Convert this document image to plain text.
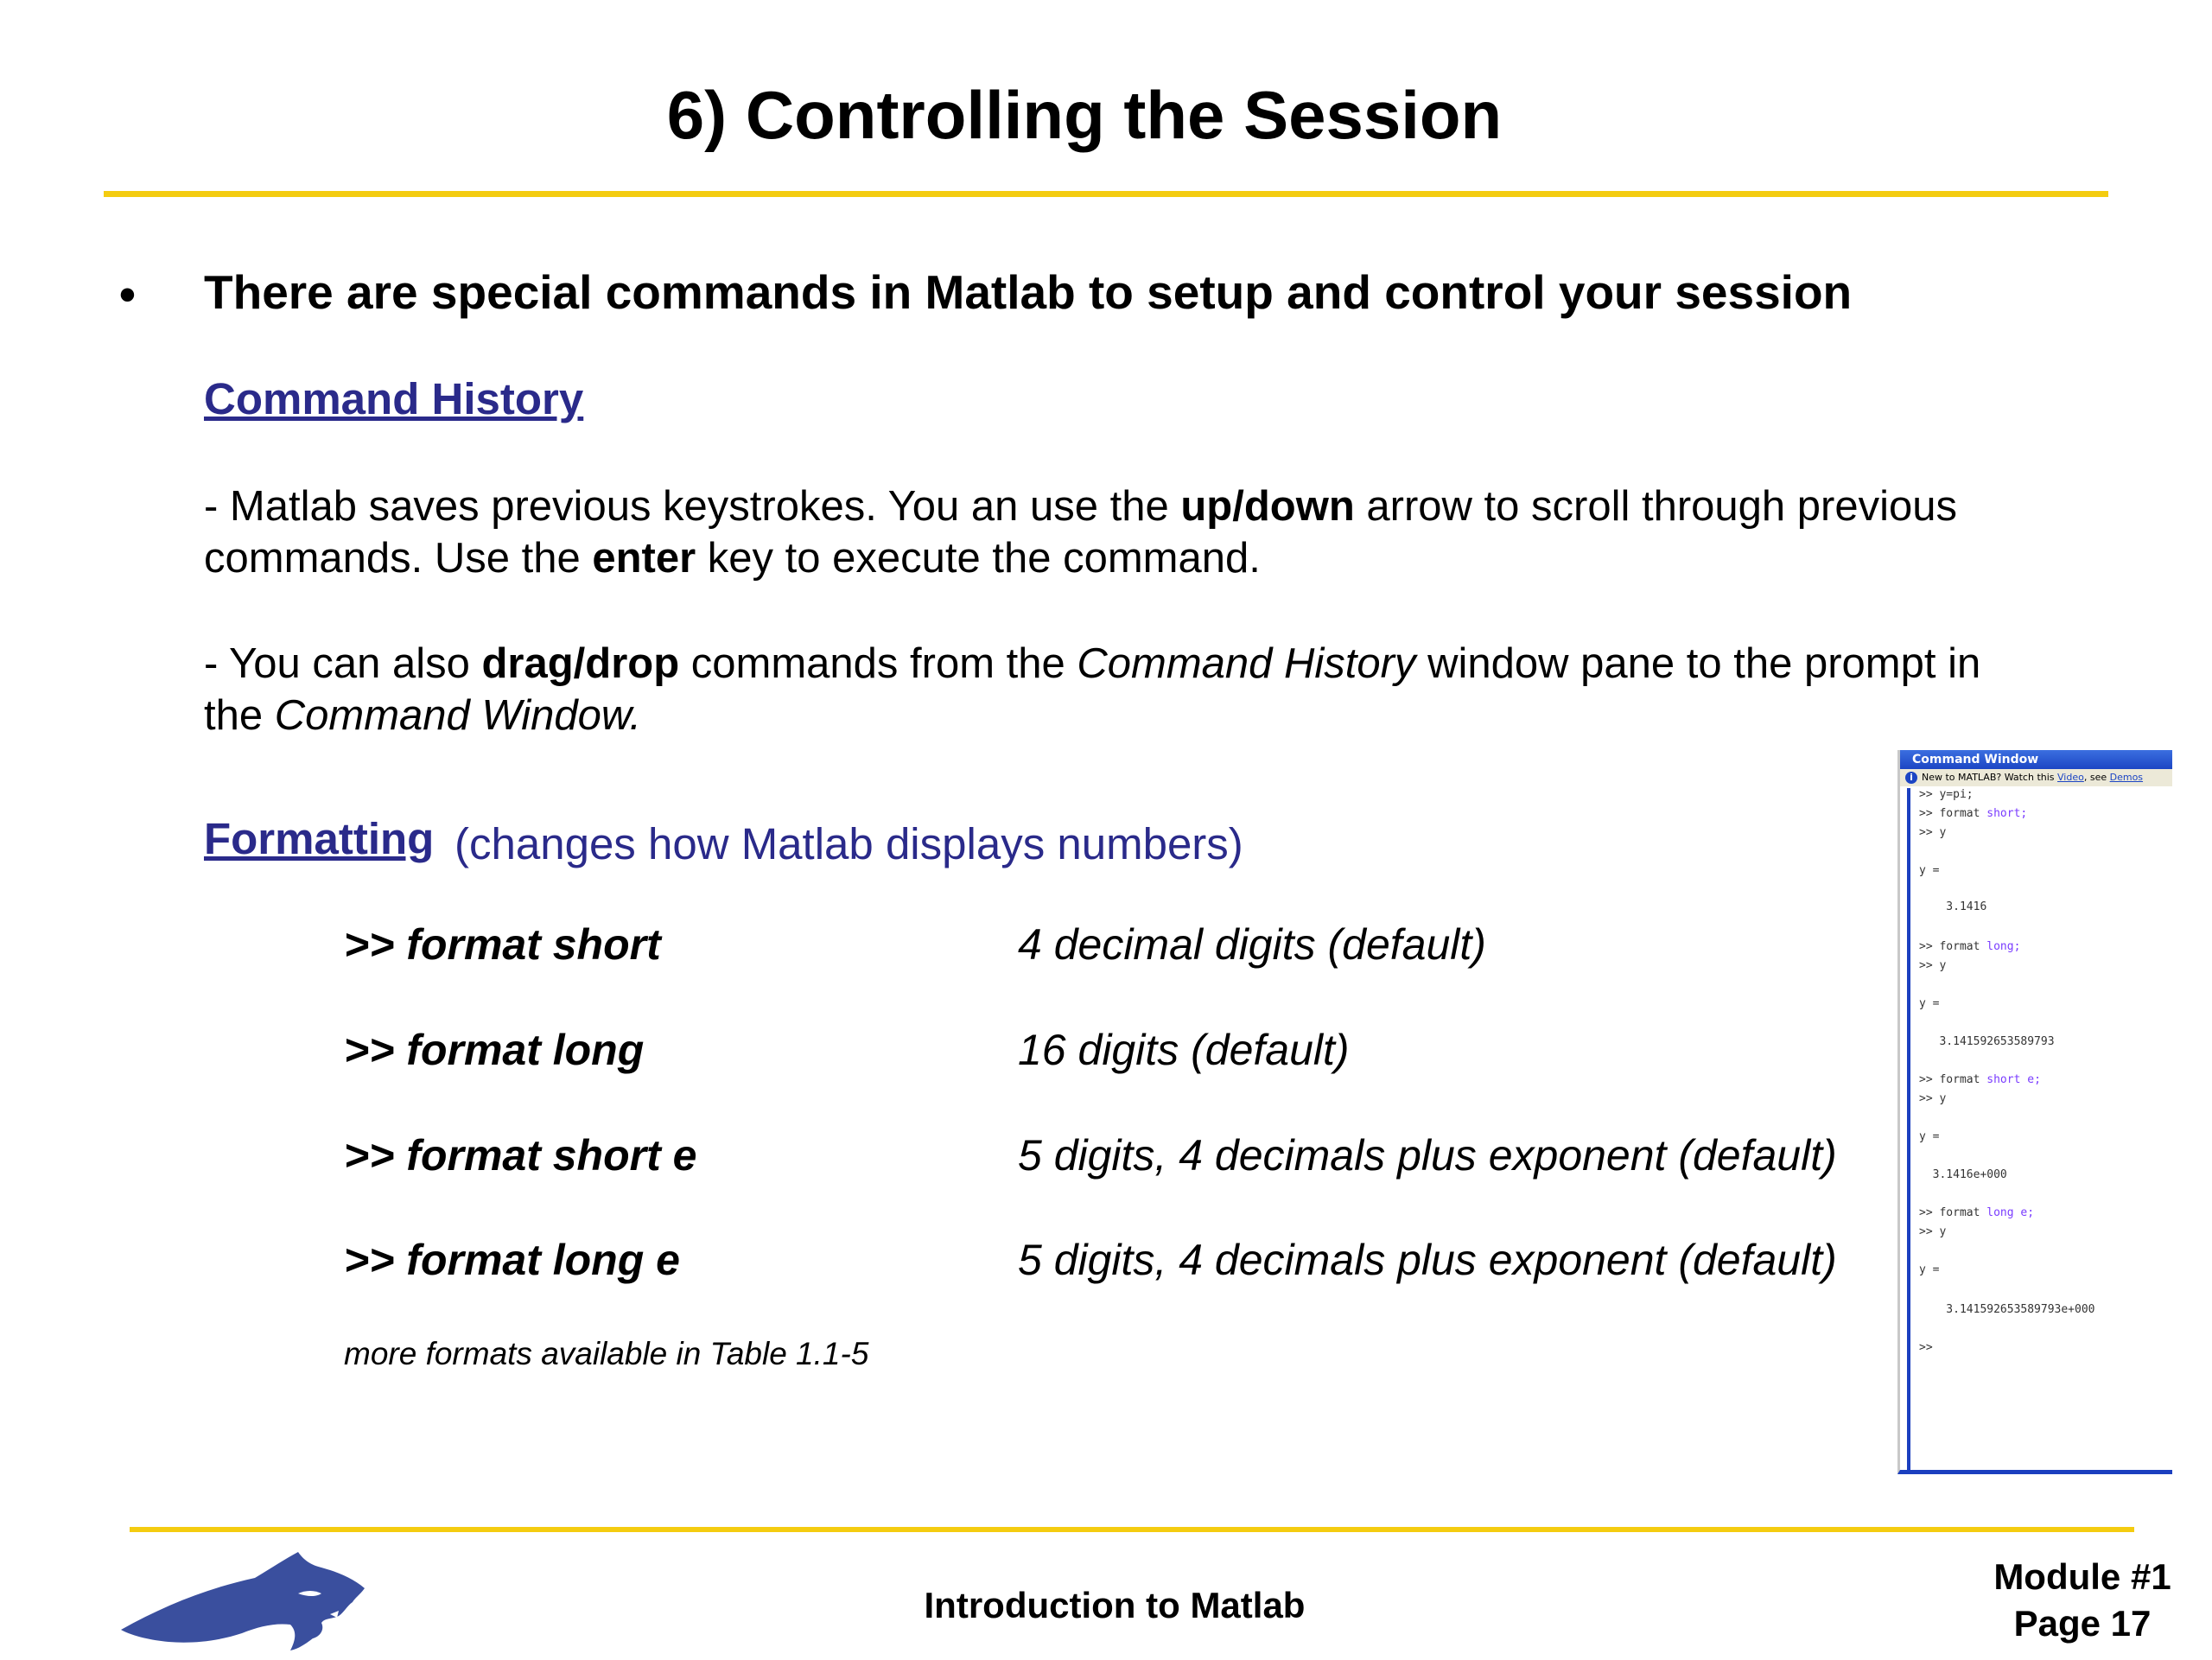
6) Controlling the Session
• There are special commands in Matlab to setup and control your session
Command History
- Matlab saves previous keystrokes. You an use the up/down arrow to scroll through previous commands. Use the enter key to execute the command.
- You can also drag/drop commands from the Command History window pane to the prompt in the Command Window.
Formatting (changes how Matlab displays numbers)
>> format short	4 decimal digits (default)
>> format long	16 digits (default)
>> format short e	5 digits, 4 decimals plus exponent (default)
>> format long e	5 digits, 4 decimals plus exponent (default)
more formats available in Table 1.1-5
Command Window
i New to MATLAB? Watch this Video, see Demos
>> y=pi;
>> format short;
>> y
y =
3.1416
>> format long;
>> y
y =
3.141592653589793
>> format short e;
>> y
y =
3.1416e+000
>> format long e;
>> y
y =
3.141592653589793e+000
>>
Introduction to Matlab
Module #1
Page 17
